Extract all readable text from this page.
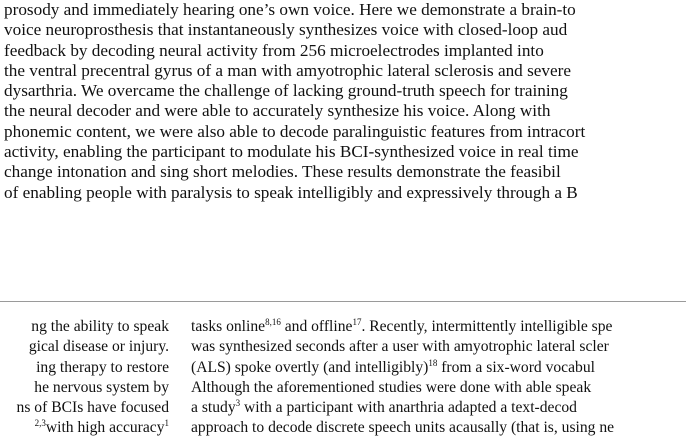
prosody and immediately hearing one’s own voice. Here we demonstrate a brain-to
voice neuroprosthesis that instantaneously synthesizes voice with closed-loop aud
feedback by decoding neural activity from 256 microelectrodes implanted into
the ventral precentral gyrus of a man with amyotrophic lateral sclerosis and severe
dysarthria. We overcame the challenge of lacking ground-truth speech for training
the neural decoder and were able to accurately synthesize his voice. Along with
phonemic content, we were also able to decode paralinguistic features from intracort
activity, enabling the participant to modulate his BCI-synthesized voice in real time
change intonation and sing short melodies. These results demonstrate the feasibil
of enabling people with paralysis to speak intelligibly and expressively through a B
ng the ability to speak
gical disease or injury.
ing therapy to restore
he nervous system by
ns of BCIs have focused
$^{2,3}$with high accuracy$^1$
tasks online$^{8,16}$ and offline$^{17}$. Recently, intermittently intelligible spe
was synthesized seconds after a user with amyotrophic lateral scler
(ALS) spoke overtly (and intelligibly)$^{18}$ from a six-word vocabul
Although the aforementioned studies were done with able speak
a study$^3$ with a participant with anarthria adapted a text-decod
approach to decode discrete speech units acausally (that is, using ne
